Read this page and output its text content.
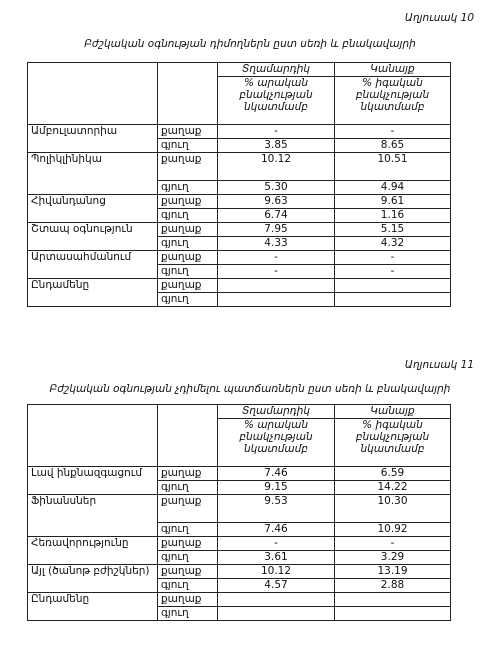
Աղյուսակ 10
Բժշկական օգնության դիմողներն ըստ սեռի և բնակավայրի
		Տղամարդիկ	Կանայք
		% արական բնակչության նկատմամբ	% իգական բնակչության նկատմամբ
Ամբուլատորիա	քաղաք	-	-
	գյուղ	3.85	8.65
Պոլիկլինիկա	քաղաք	10.12	10.51
	գյուղ	5.30	4.94
Հիվանդանոց	քաղաք	9.63	9.61
	գյուղ	6.74	1.16
Շտապ օգնություն	քաղաք	7.95	5.15
	գյուղ	4.33	4.32
Արտասահմանում	քաղաք	-	-
	գյուղ	-	-
Ընդամենը	քաղաք		
	գյուղ		
Աղյուսակ 11
Բժշկական օգնության չդիմելու պատճառներն ըստ սեռի և բնակավայրի
		Տղամարդիկ	Կանայք
		% արական բնակչության նկատմամբ	% իգական բնակչության նկատմամբ
Լավ ինքնազգացում	քաղաք	7.46	6.59
	գյուղ	9.15	14.22
Ֆինանսներ	քաղաք	9.53	10.30
	գյուղ	7.46	10.92
Հեռավորությունը	քաղաք	-	-
	գյուղ	3.61	3.29
Այլ (ծանոթ բժիշկներ)	քաղաք	10.12	13.19
	գյուղ	4.57	2.88
Ընդամենը	քաղաք		
	գյուղ		
